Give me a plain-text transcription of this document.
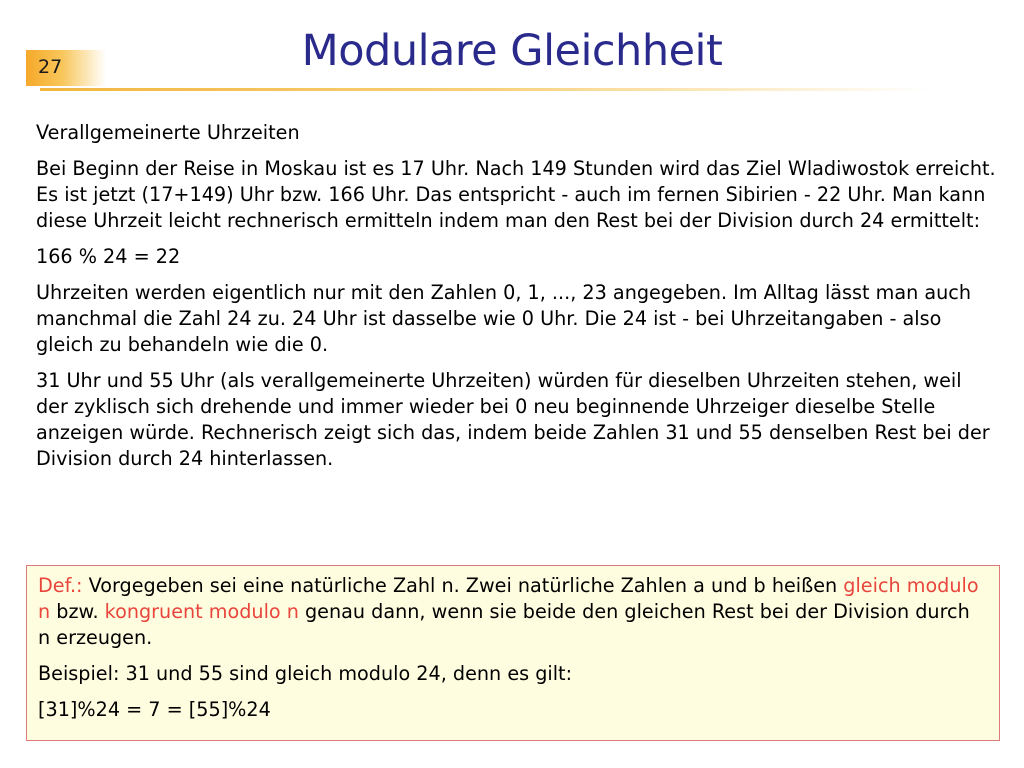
27	Modulare Gleichheit

Verallgemeinerte Uhrzeiten

Bei Beginn der Reise in Moskau ist es 17 Uhr. Nach 149 Stunden wird das Ziel Wladiwostok erreicht. Es ist jetzt (17+149) Uhr bzw. 166 Uhr. Das entspricht - auch im fernen Sibirien - 22 Uhr. Man kann diese Uhrzeit leicht rechnerisch ermitteln indem man den Rest bei der Division durch 24 ermittelt:

166 % 24 = 22

Uhrzeiten werden eigentlich nur mit den Zahlen 0, 1, ..., 23 angegeben. Im Alltag lässt man auch manchmal die Zahl 24 zu. 24 Uhr ist dasselbe wie 0 Uhr. Die 24 ist - bei Uhrzeitangaben - also gleich zu behandeln wie die 0.

31 Uhr und 55 Uhr (als verallgemeinerte Uhrzeiten) würden für dieselben Uhrzeiten stehen, weil der zyklisch sich drehende und immer wieder bei 0 neu beginnende Uhrzeiger dieselbe Stelle anzeigen würde. Rechnerisch zeigt sich das, indem beide Zahlen 31 und 55 denselben Rest bei der Division durch 24 hinterlassen.

Def.: Vorgegeben sei eine natürliche Zahl n. Zwei natürliche Zahlen a und b heißen gleich modulo n bzw. kongruent modulo n genau dann, wenn sie beide den gleichen Rest bei der Division durch n erzeugen.

Beispiel: 31 und 55 sind gleich modulo 24, denn es gilt:

[31]%24 = 7 = [55]%24
